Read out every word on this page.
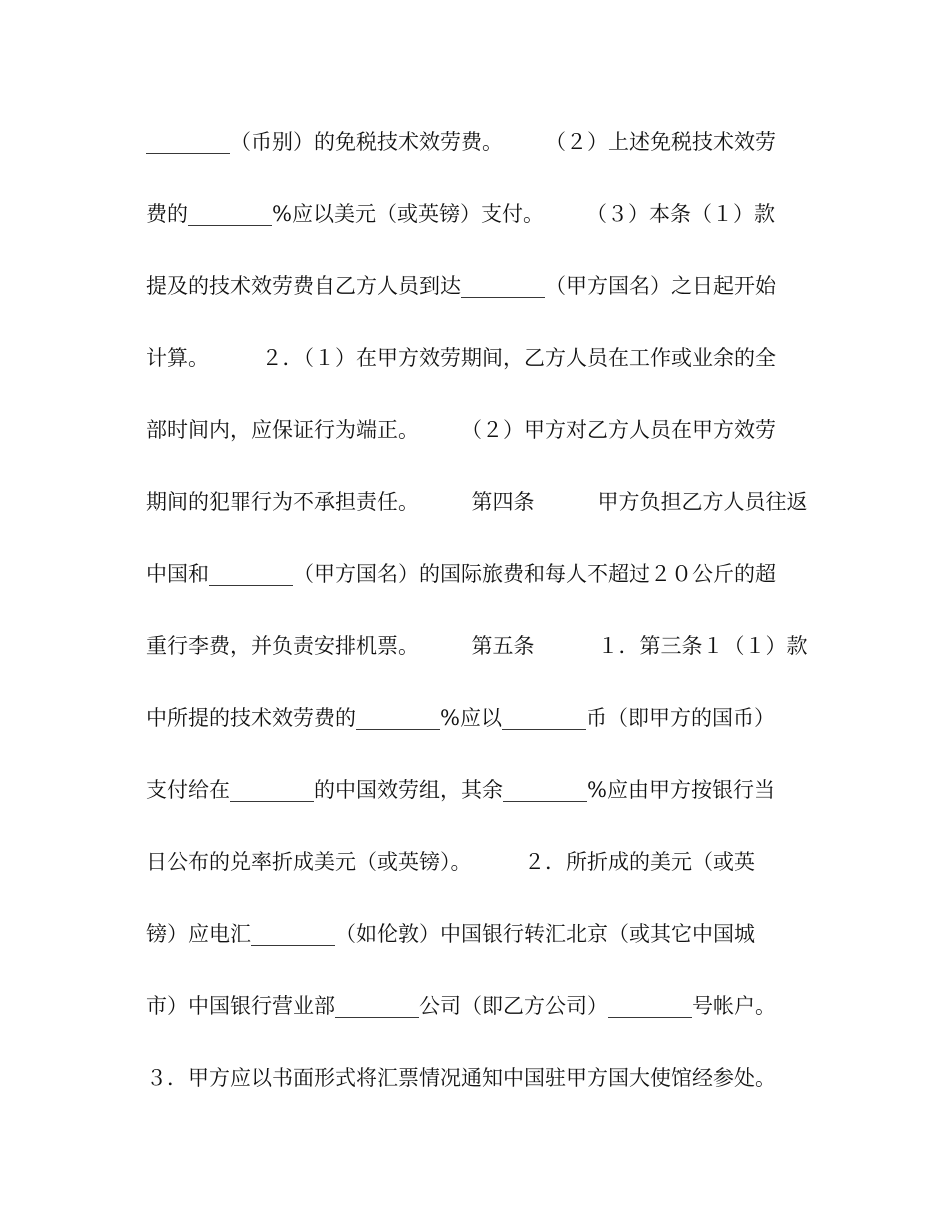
________（币别）的免税技术效劳费。　　　（２）上述免税技术效劳
费的________%应以美元（或英镑）支付。　　　（３）本条（１）款
提及的技术效劳费自乙方人员到达________（甲方国名）之日起开始
计算。　　　２．（１）在甲方效劳期间，乙方人员在工作或业余的全
部时间内，应保证行为端正。　　　（２）甲方对乙方人员在甲方效劳
期间的犯罪行为不承担责任。　　　第四条　　　甲方负担乙方人员往返
中国和________（甲方国名）的国际旅费和每人不超过２０公斤的超
重行李费，并负责安排机票。　　　第五条　　　１．第三条１（１）款
中所提的技术效劳费的________%应以________币（即甲方的国币）
支付给在________的中国效劳组，其余________%应由甲方按银行当
日公布的兑率折成美元（或英镑）。　　　２．所折成的美元（或英
镑）应电汇________（如伦敦）中国银行转汇北京（或其它中国城
市）中国银行营业部________公司（即乙方公司）________号帐户。
３．甲方应以书面形式将汇票情况通知中国驻甲方国大使馆经参处。
